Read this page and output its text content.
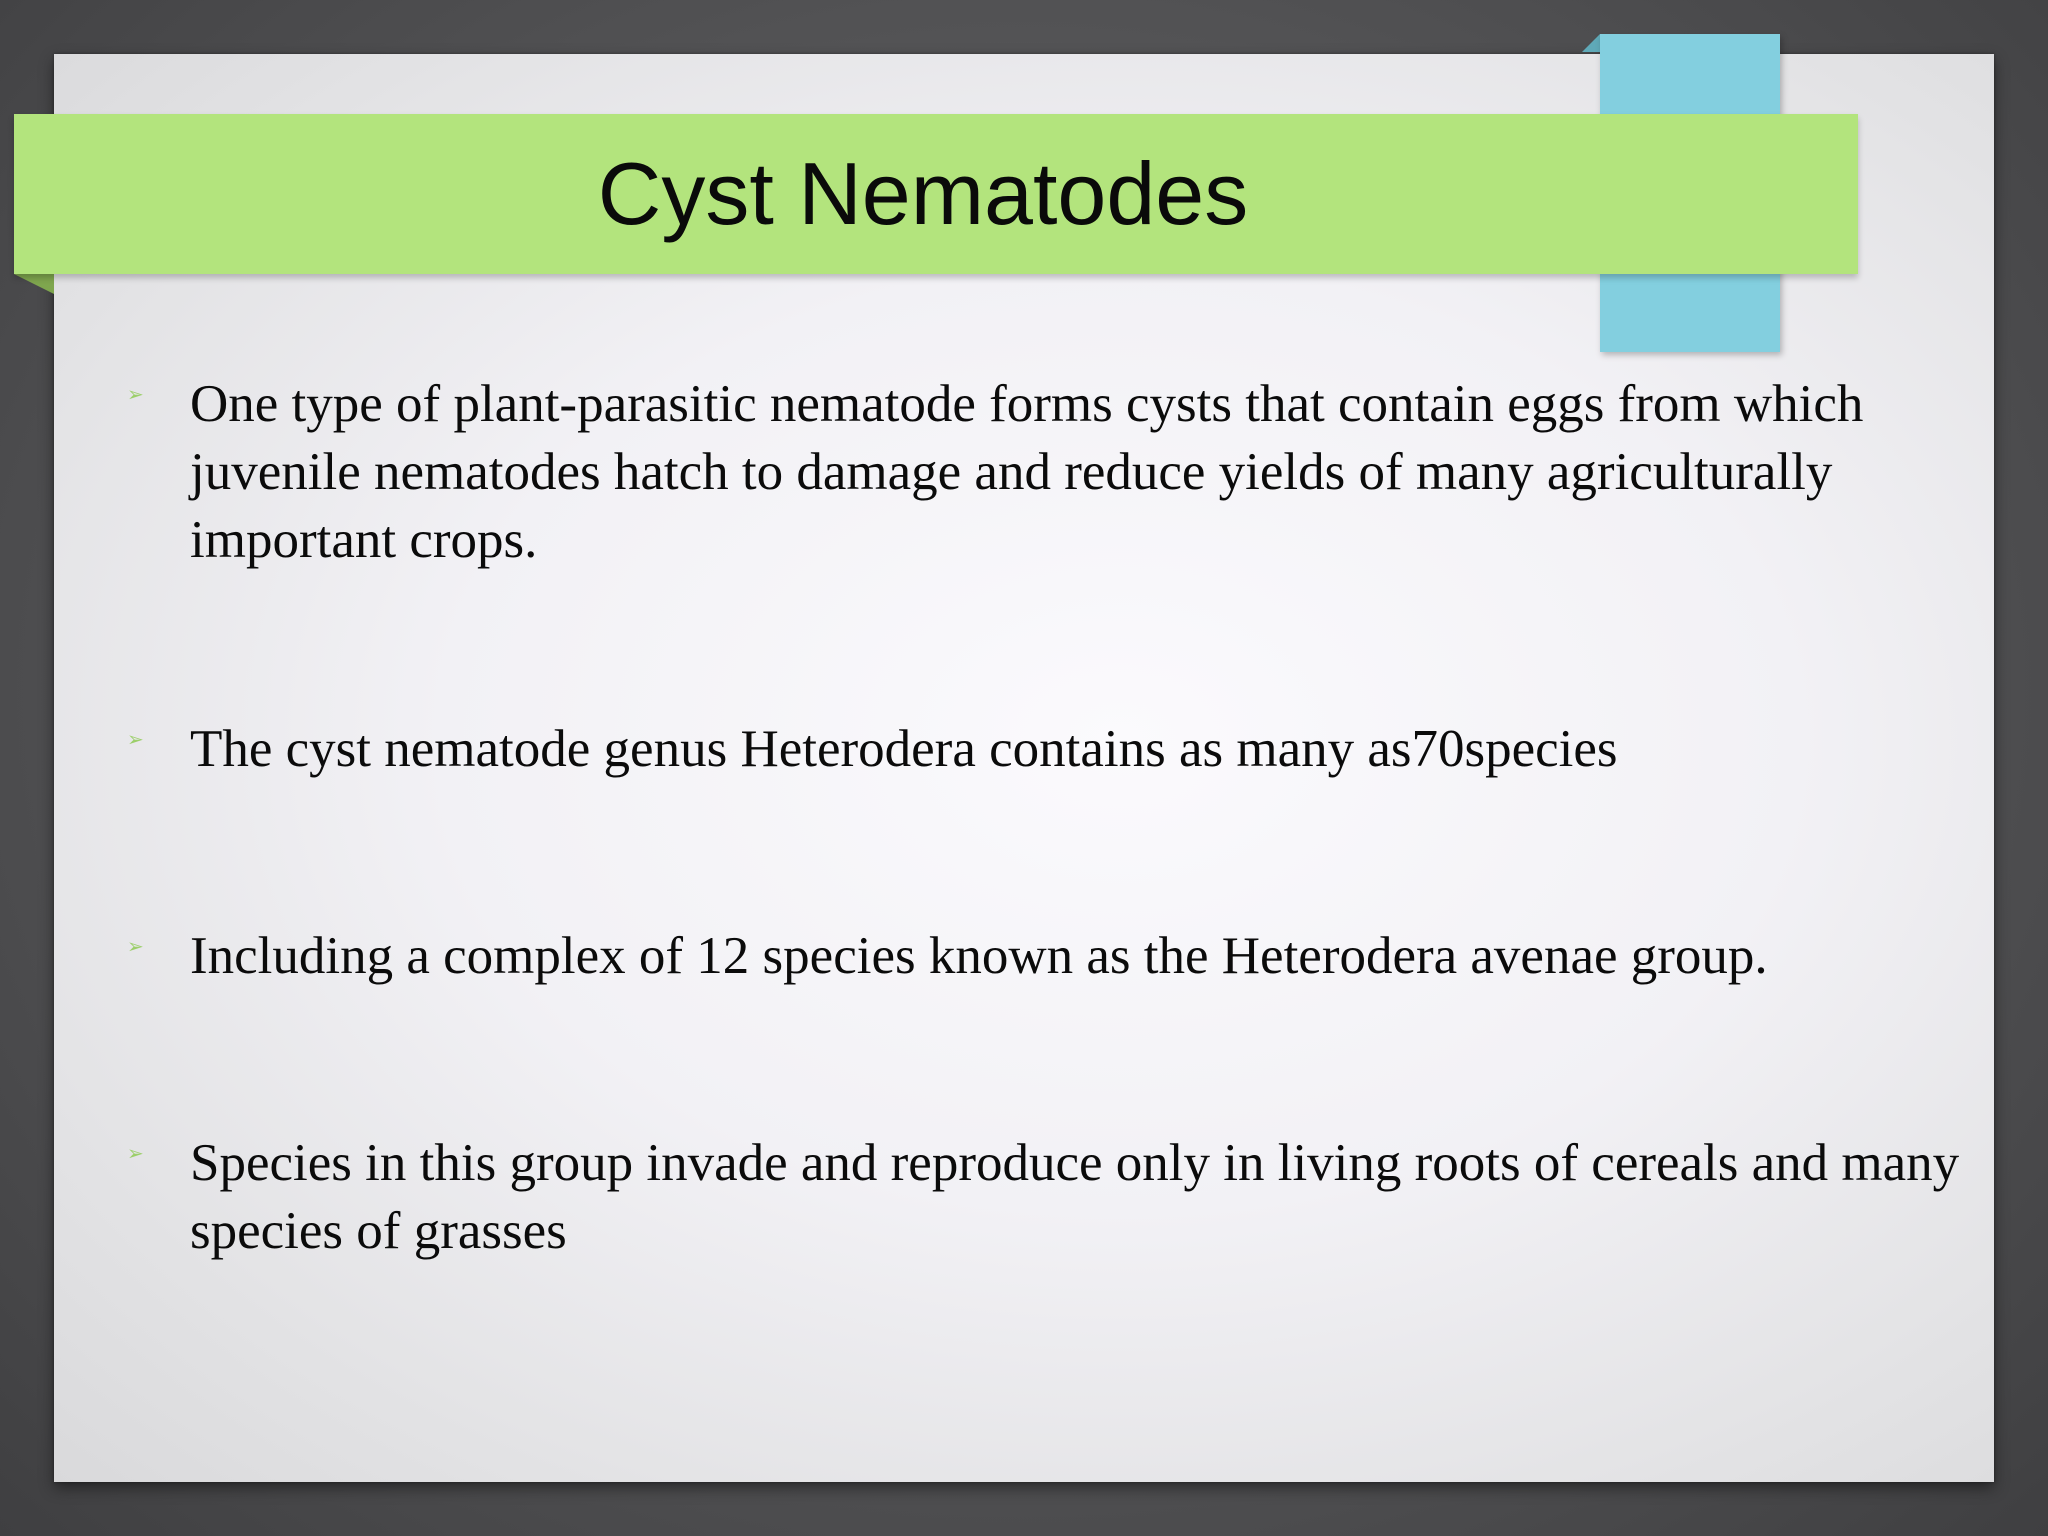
Cyst Nematodes
➢ One type of plant-parasitic nematode forms cysts that contain eggs from which juvenile nematodes hatch to damage and reduce yields of many agriculturally important crops.
➢ The cyst nematode genus Heterodera contains as many as70species
➢ Including a complex of 12 species known as the Heterodera avenae group.
➢ Species in this group invade and reproduce only in living roots of cereals and many species of grasses
